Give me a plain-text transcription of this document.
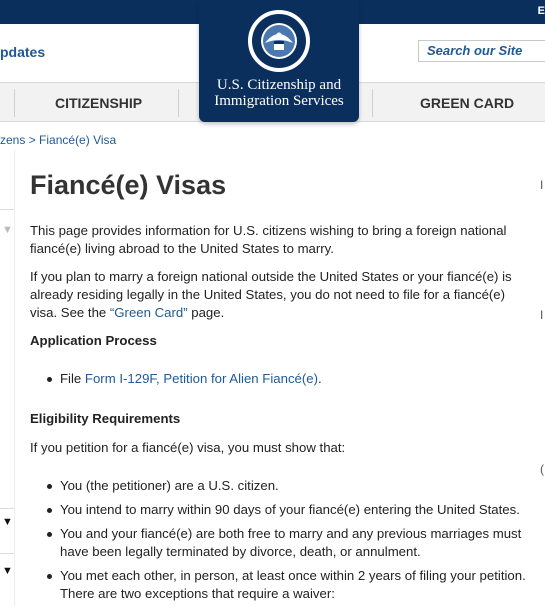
E
pdates	Search our Site
CITIZENSHIP	GREEN CARD
U.S. Citizenship and
Immigration Services
zens > Fiancé(e) Visa
▼
▼
▼
Fiancé(e) Visas

This page provides information for U.S. citizens wishing to bring a foreign national fiancé(e) living abroad to the United States to marry.

If you plan to marry a foreign national outside the United States or your fiancé(e) is already residing legally in the United States, you do not need to file for a fiancé(e) visa. See the “Green Card” page.

Application Process
File Form I-129F, Petition for Alien Fiancé(e).
Eligibility Requirements

If you petition for a fiancé(e) visa, you must show that:

You (the petitioner) are a U.S. citizen.
You intend to marry within 90 days of your fiancé(e) entering the United States.
You and your fiancé(e) are both free to marry and any previous marriages must have been legally terminated by divorce, death, or annulment.
You met each other, in person, at least once within 2 years of filing your petition. There are two exceptions that require a waiver:
I
I
(
